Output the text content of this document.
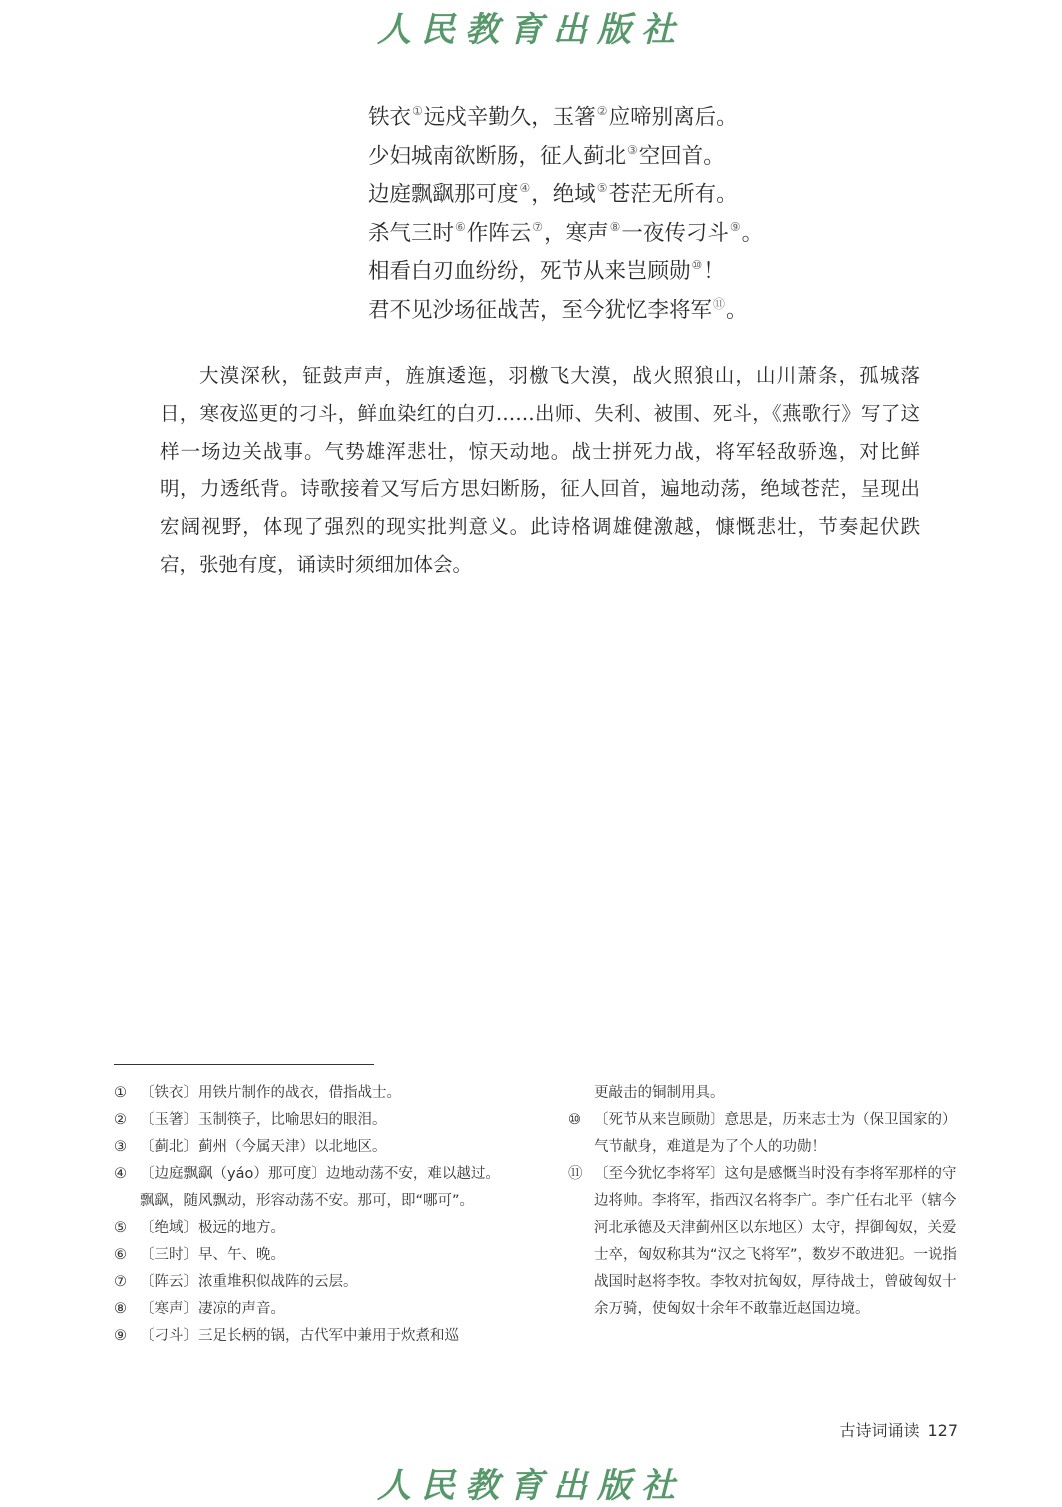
人民教育出版社
铁衣①远戍辛勤久，玉箸②应啼别离后。
少妇城南欲断肠，征人蓟北③空回首。
边庭飘飖那可度④，绝域⑤苍茫无所有。
杀气三时⑥作阵云⑦，寒声⑧一夜传刁斗⑨。
相看白刃血纷纷，死节从来岂顾勋⑩！
君不见沙场征战苦，至今犹忆李将军⑪。

大漠深秋，钲鼓声声，旌旗逶迤，羽檄飞大漠，战火照狼山，山川萧条，孤城落日，寒夜巡更的刁斗，鲜血染红的白刃……出师、失利、被围、死斗，《燕歌行》写了这样一场边关战事。气势雄浑悲壮，惊天动地。战士拼死力战，将军轻敌骄逸，对比鲜明，力透纸背。诗歌接着又写后方思妇断肠，征人回首，遍地动荡，绝域苍茫，呈现出宏阔视野，体现了强烈的现实批判意义。此诗格调雄健激越，慷慨悲壮，节奏起伏跌宕，张弛有度，诵读时须细加体会。

① 〔铁衣〕用铁片制作的战衣，借指战士。
② 〔玉箸〕玉制筷子，比喻思妇的眼泪。
③ 〔蓟北〕蓟州（今属天津）以北地区。
④ 〔边庭飘飖（yáo）那可度〕边地动荡不安，难以越过。飘飖，随风飘动，形容动荡不安。那可，即“哪可”。
⑤ 〔绝域〕极远的地方。
⑥ 〔三时〕早、午、晚。
⑦ 〔阵云〕浓重堆积似战阵的云层。
⑧ 〔寒声〕凄凉的声音。
⑨ 〔刁斗〕三足长柄的锅，古代军中兼用于炊煮和巡
更敲击的铜制用具。
⑩ 〔死节从来岂顾勋〕意思是，历来志士为（保卫国家的）气节献身，难道是为了个人的功勋！
⑪ 〔至今犹忆李将军〕这句是感慨当时没有李将军那样的守边将帅。李将军，指西汉名将李广。李广任右北平（辖今河北承德及天津蓟州区以东地区）太守，捍御匈奴，关爱士卒，匈奴称其为“汉之飞将军”，数岁不敢进犯。一说指战国时赵将李牧。李牧对抗匈奴，厚待战士，曾破匈奴十余万骑，使匈奴十余年不敢靠近赵国边境。
古诗词诵读 127
人民教育出版社
